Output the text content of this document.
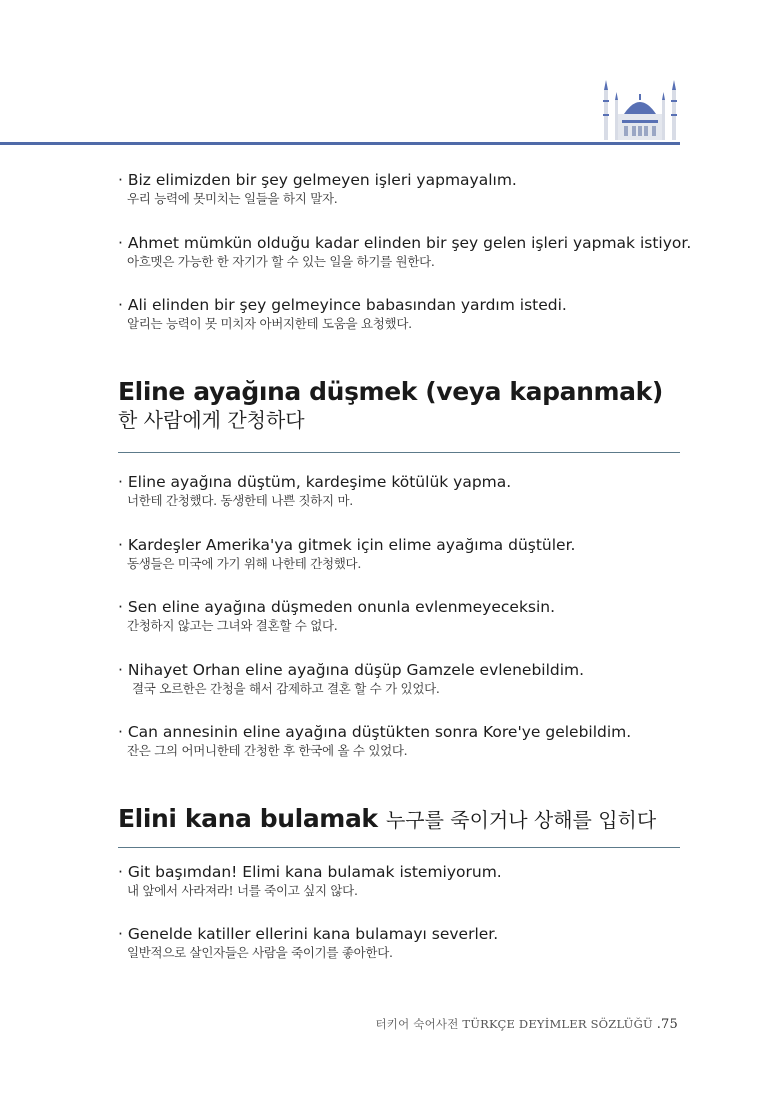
· Biz elimizden bir şey gelmeyen işleri yapmayalım.
우리 능력에 못미치는 일들을 하지 말자.
· Ahmet mümkün olduğu kadar elinden bir şey gelen işleri yapmak istiyor.
아흐멧은 가능한 한 자기가 할 수 있는 일을 하기를 원한다.
· Ali elinden bir şey gelmeyince babasından yardım istedi.
알리는 능력이 못 미치자 아버지한테 도움을 요청했다.
Eline ayağına düşmek (veya kapanmak)
한 사람에게 간청하다
· Eline ayağına düştüm, kardeşime kötülük yapma.
너한테 간청했다. 동생한테 나쁜 짓하지 마.
· Kardeşler Amerika'ya gitmek için elime ayağıma düştüler.
동생들은 미국에 가기 위해 나한테 간청했다.
· Sen eline ayağına düşmeden onunla evlenmeyeceksin.
간청하지 않고는 그녀와 결혼할 수 없다.
· Nihayet Orhan eline ayağına düşüp Gamzele evlenebildim.
결국 오르한은 간청을 해서 감제하고 결혼 할 수 가 있었다.
· Can annesinin eline ayağına düştükten sonra Kore'ye gelebildim.
잔은 그의 어머니한테 간청한 후 한국에 올 수 있었다.
Elini kana bulamak 누구를 죽이거나 상해를 입히다
· Git başımdan! Elimi kana bulamak istemiyorum.
내 앞에서 사라져라! 너를 죽이고 싶지 않다.
· Genelde katiller ellerini kana bulamayı severler.
일반적으로 살인자들은 사람을 죽이기를 좋아한다.
터키어 숙어사전 TÜRKÇE DEYİMLER SÖZLÜĞÜ .75
